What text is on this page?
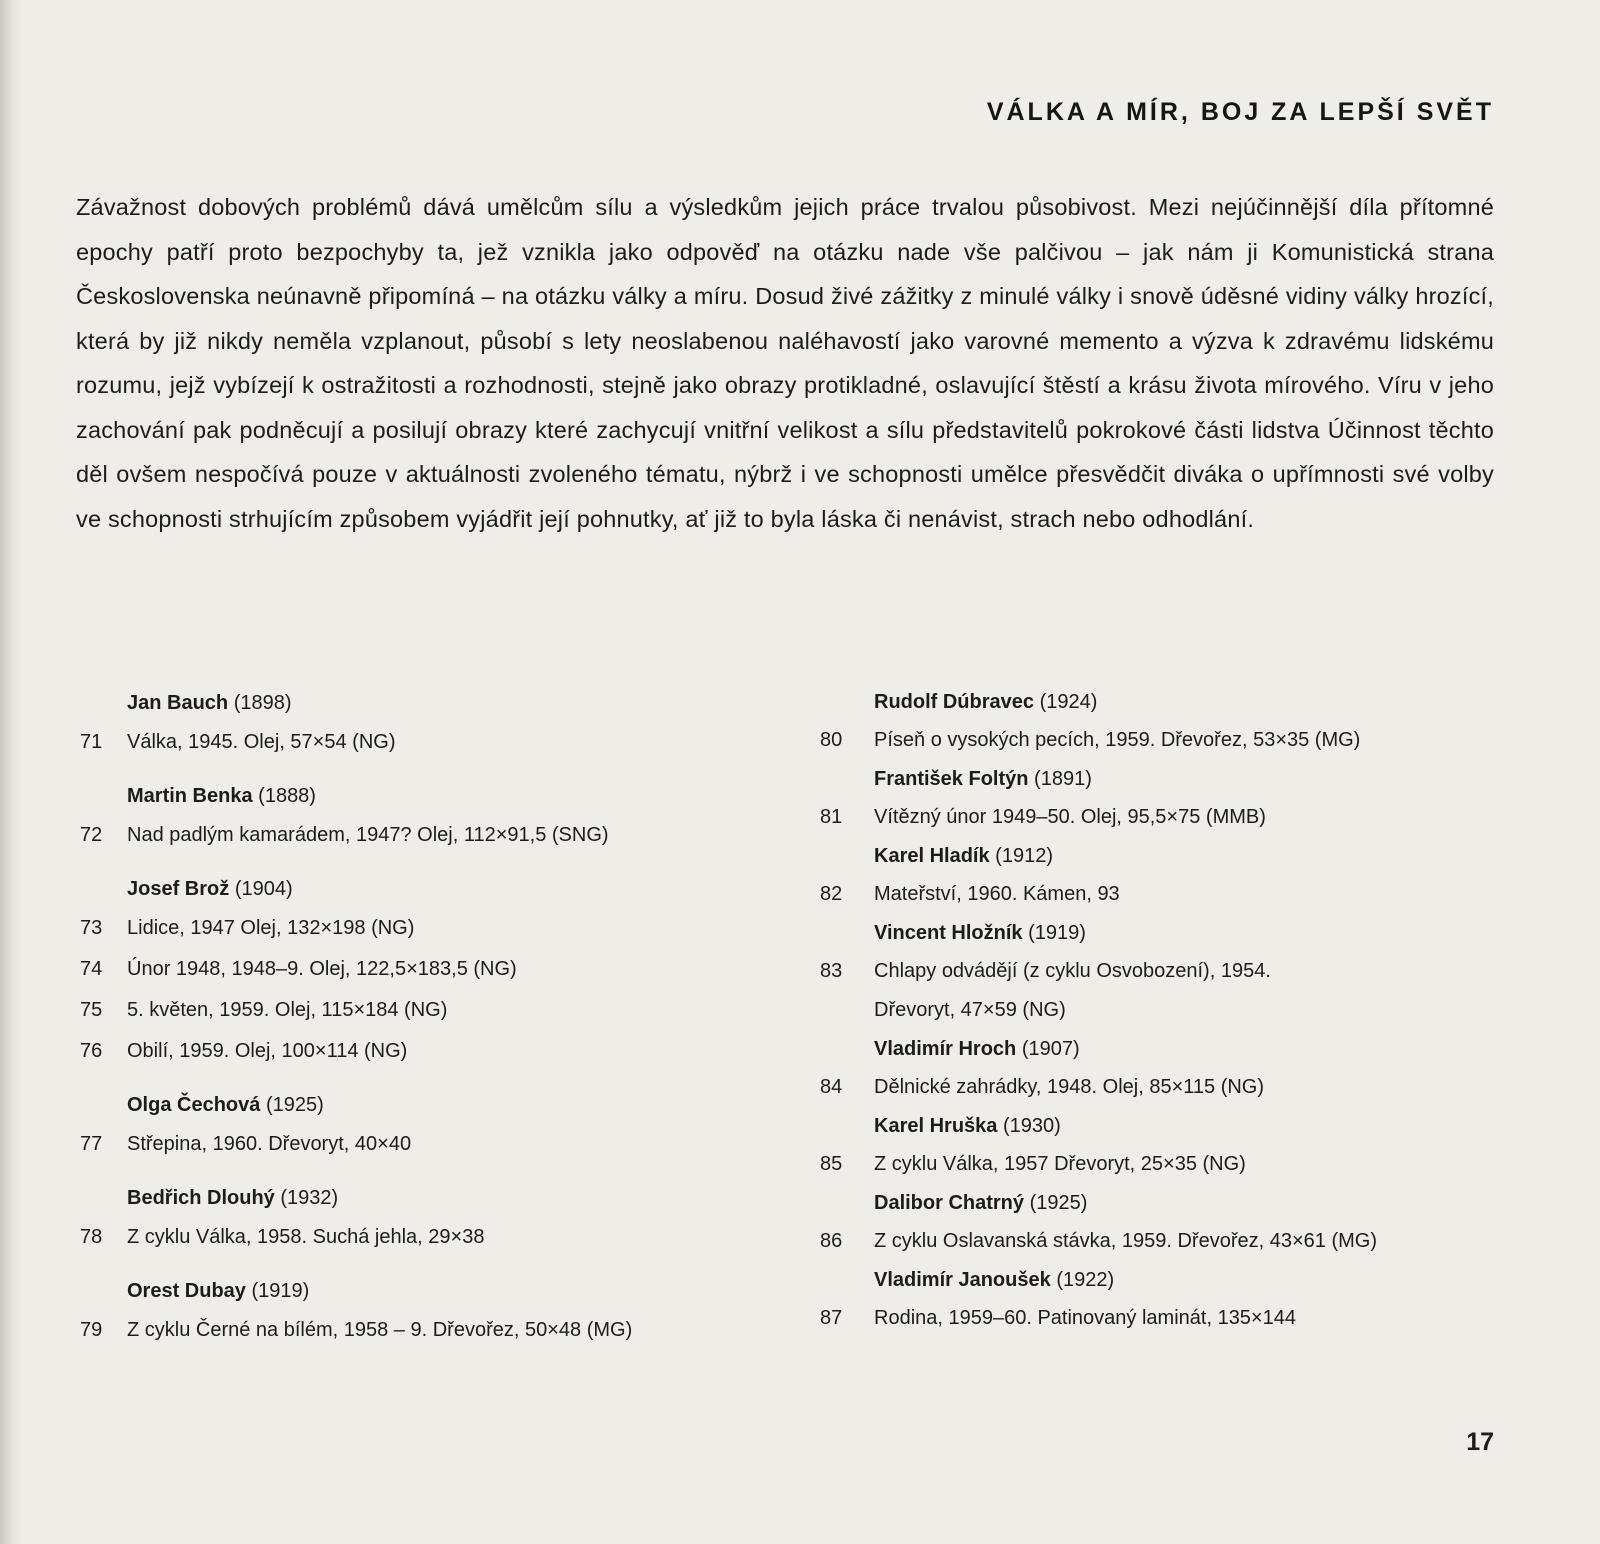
VÁLKA A MÍR, BOJ ZA LEPŠÍ SVĚT

Závažnost dobových problémů dává umělcům sílu a výsledkům jejich práce trvalou působivost. Mezi nejúčinnější díla přítomné epochy patří proto bezpochyby ta, jež vznikla jako odpověď na otázku nade vše palčivou – jak nám ji Komunistická strana Československa neúnavně připomíná – na otázku války a míru. Dosud živé zážitky z minulé války i snově úděsné vidiny války hrozící, která by již nikdy neměla vzplanout, působí s lety neoslabenou naléhavostí jako varovné memento a výzva k zdravému lidskému rozumu, jejž vybízejí k ostražitosti a rozhodnosti, stejně jako obrazy protikladné, oslavující štěstí a krásu života mírového. Víru v jeho zachování pak podněcují a posilují obrazy které zachycují vnitřní velikost a sílu představitelů pokrokové části lidstva Účinnost těchto děl ovšem nespočívá pouze v aktuálnosti zvoleného tématu, nýbrž i ve schopnosti umělce přesvědčit diváka o upřímnosti své volby ve schopnosti strhujícím způsobem vyjádřit její pohnutky, ať již to byla láska či nenávist, strach nebo odhodlání.

Jan Bauch (1898)
71	Válka, 1945. Olej, 57×54 (NG)
Martin Benka (1888)
72	Nad padlým kamarádem, 1947? Olej, 112×91,5 (SNG)
Josef Brož (1904)
73	Lidice, 1947 Olej, 132×198 (NG)
74	Únor 1948, 1948–9. Olej, 122,5×183,5 (NG)
75	5. květen, 1959. Olej, 115×184 (NG)
76	Obilí, 1959. Olej, 100×114 (NG)
Olga Čechová (1925)
77	Střepina, 1960. Dřevoryt, 40×40
Bedřich Dlouhý (1932)
78	Z cyklu Válka, 1958. Suchá jehla, 29×38
Orest Dubay (1919)
79	Z cyklu Černé na bílém, 1958 – 9. Dřevořez, 50×48 (MG)
Rudolf Dúbravec (1924)
80	Píseň o vysokých pecích, 1959. Dřevořez, 53×35 (MG)
František Foltýn (1891)
81	Vítězný únor 1949–50. Olej, 95,5×75 (MMB)
Karel Hladík (1912)
82	Mateřství, 1960. Kámen, 93
Vincent Hložník (1919)
83	Chlapy odvádějí (z cyklu Osvobození), 1954.
Dřevoryt, 47×59 (NG)
Vladimír Hroch (1907)
84	Dělnické zahrádky, 1948. Olej, 85×115 (NG)
Karel Hruška (1930)
85	Z cyklu Válka, 1957 Dřevoryt, 25×35 (NG)
Dalibor Chatrný (1925)
86	Z cyklu Oslavanská stávka, 1959. Dřevořez, 43×61 (MG)
Vladimír Janoušek (1922)
87	Rodina, 1959–60. Patinovaný laminát, 135×144

17
